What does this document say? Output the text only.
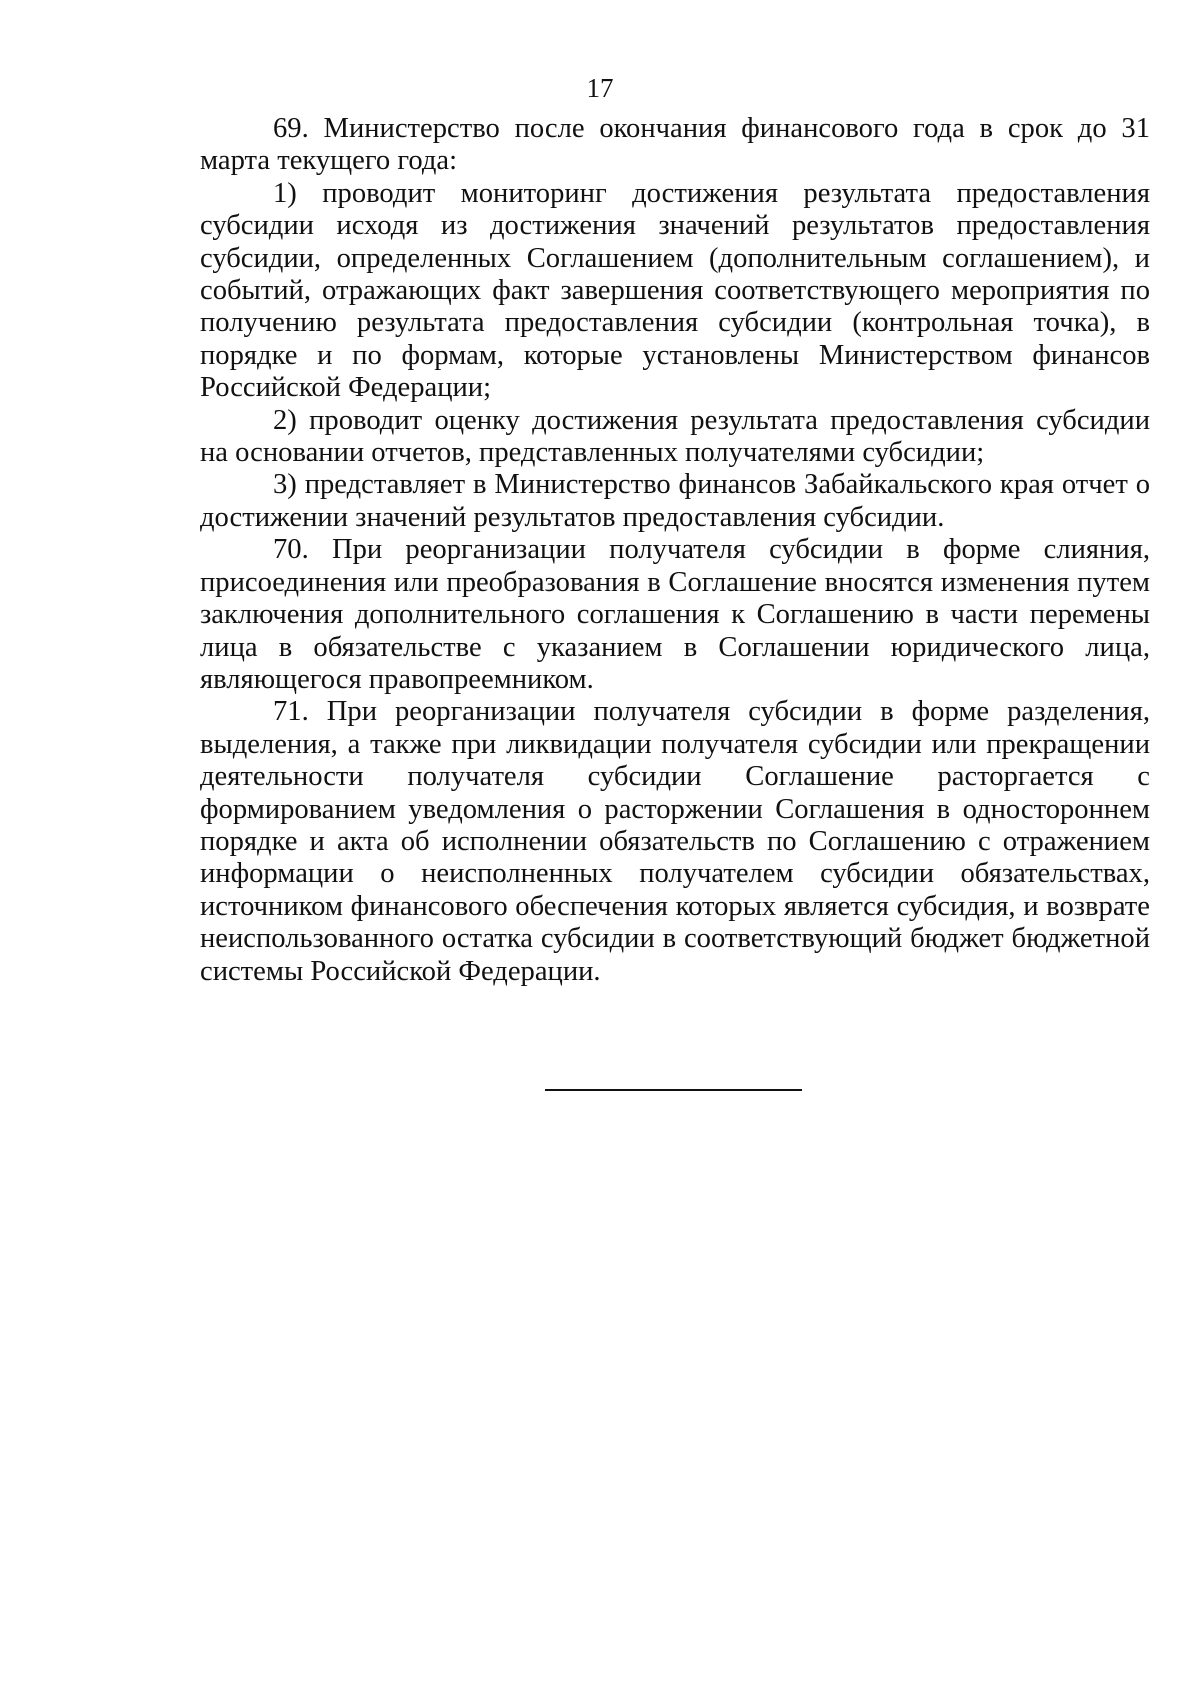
17

69. Министерство после окончания финансового года в срок до 31 марта текущего года:

1) проводит мониторинг достижения результата предоставления субсидии исходя из достижения значений результатов предоставления субсидии, определенных Соглашением (дополнительным соглашением), и событий, отражающих факт завершения соответствующего мероприятия по получению результата предоставления субсидии (контрольная точка), в порядке и по формам, которые установлены Министерством финансов Российской Федерации;

2) проводит оценку достижения результата предоставления субсидии на основании отчетов, представленных получателями субсидии;

3) представляет в Министерство финансов Забайкальского края отчет о достижении значений результатов предоставления субсидии.

70. При реорганизации получателя субсидии в форме слияния, присоединения или преобразования в Соглашение вносятся изменения путем заключения дополнительного соглашения к Соглашению в части перемены лица в обязательстве с указанием в Соглашении юридического лица, являющегося правопреемником.

71. При реорганизации получателя субсидии в форме разделения, выделения, а также при ликвидации получателя субсидии или прекращении деятельности получателя субсидии Соглашение расторгается с формированием уведомления о расторжении Соглашения в одностороннем порядке и акта об исполнении обязательств по Соглашению с отражением информации о неисполненных получателем субсидии обязательствах, источником финансового обеспечения которых является субсидия, и возврате неиспользованного остатка субсидии в соответствующий бюджет бюджетной системы Российской Федерации.
